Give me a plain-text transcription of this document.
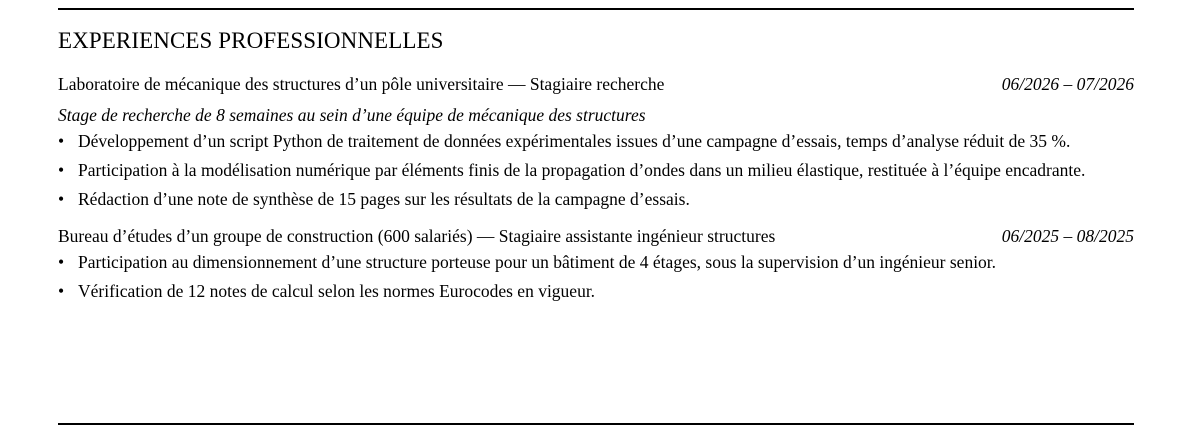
EXPERIENCES PROFESSIONNELLES
Laboratoire de mécanique des structures d’un pôle universitaire — Stagiaire recherche	06/2026 – 07/2026
Stage de recherche de 8 semaines au sein d’une équipe de mécanique des structures
• Développement d’un script Python de traitement de données expérimentales issues d’une campagne d’essais, temps d’analyse réduit de 35 %.
• Participation à la modélisation numérique par éléments finis de la propagation d’ondes dans un milieu élastique, restituée à l’équipe encadrante.
• Rédaction d’une note de synthèse de 15 pages sur les résultats de la campagne d’essais.
Bureau d’études d’un groupe de construction (600 salariés) — Stagiaire assistante ingénieur structures	06/2025 – 08/2025
• Participation au dimensionnement d’une structure porteuse pour un bâtiment de 4 étages, sous la supervision d’un ingénieur senior.
• Vérification de 12 notes de calcul selon les normes Eurocodes en vigueur.
